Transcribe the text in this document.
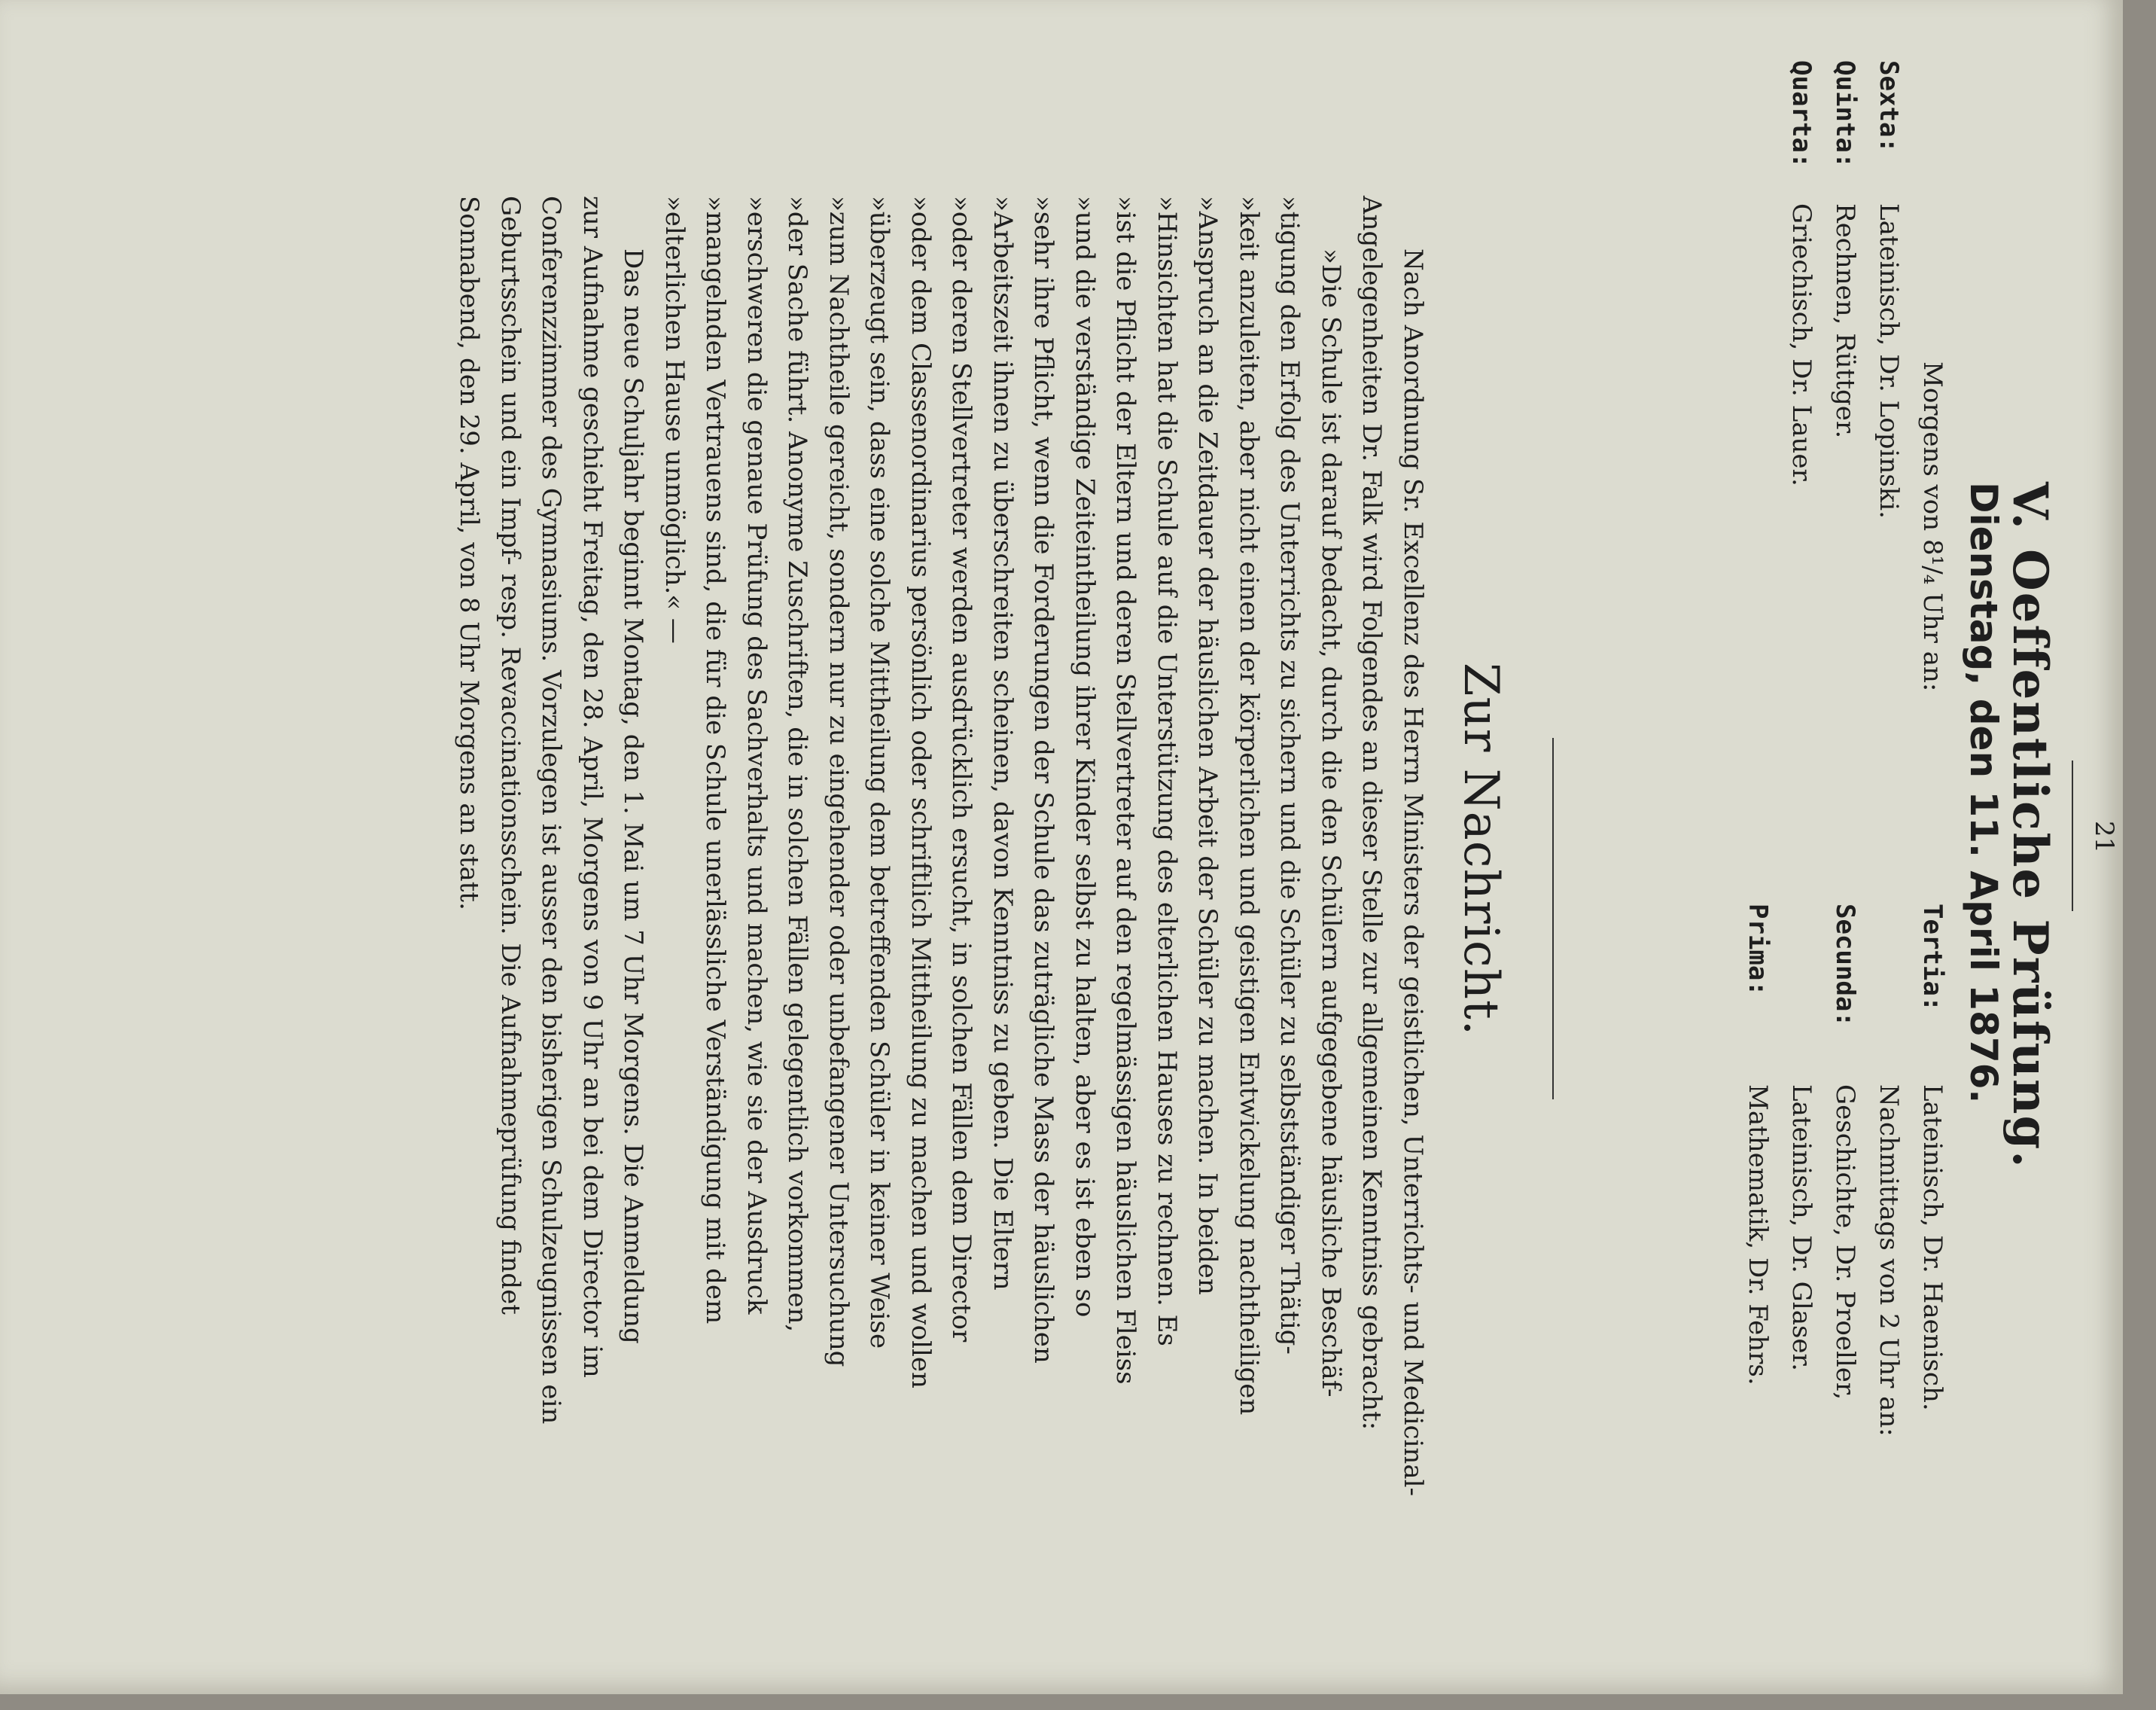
21
V. Oeffentliche Prüfung.
Dienstag, den 11. April 1876.
Morgens von 8¹/₄ Uhr an:
Sexta:
Lateinisch, Dr. Lopinski.
Quinta:
Rechnen, Rüttger.
Quarta:
Griechisch, Dr. Lauer.
Tertia:
Lateinisch, Dr. Haenisch.
Nachmittags von 2 Uhr an:
Secunda:
Geschichte, Dr. Proeller,
Lateinisch, Dr. Glaser.
Prima:
Mathematik, Dr. Fehrs.
Zur Nachricht.
Nach Anordnung Sr. Excellenz des Herrn Ministers der geistlichen, Unterrichts- und Medicinal-
Angelegenheiten Dr. Falk wird Folgendes an dieser Stelle zur allgemeinen Kenntniss gebracht:
»Die Schule ist darauf bedacht, durch die den Schülern aufgegebene häusliche Beschäf-
»tigung den Erfolg des Unterrichts zu sichern und die Schüler zu selbstständiger Thätig-
»keit anzuleiten, aber nicht einen der körperlichen und geistigen Entwickelung nachtheiligen
»Anspruch an die Zeitdauer der häuslichen Arbeit der Schüler zu machen. In beiden
»Hinsichten hat die Schule auf die Unterstützung des elterlichen Hauses zu rechnen. Es
»ist die Pflicht der Eltern und deren Stellvertreter auf den regelmässigen häuslichen Fleiss
»und die verständige Zeiteintheilung ihrer Kinder selbst zu halten, aber es ist eben so
»sehr ihre Pflicht, wenn die Forderungen der Schule das zuträgliche Mass der häuslichen
»Arbeitszeit ihnen zu überschreiten scheinen, davon Kenntniss zu geben. Die Eltern
»oder deren Stellvertreter werden ausdrücklich ersucht, in solchen Fällen dem Director
»oder dem Classenordinarius persönlich oder schriftlich Mittheilung zu machen und wollen
»überzeugt sein, dass eine solche Mittheilung dem betreffenden Schüler in keiner Weise
»zum Nachtheile gereicht, sondern nur zu eingehender oder unbefangener Untersuchung
»der Sache führt. Anonyme Zuschriften, die in solchen Fällen gelegentlich vorkommen,
»erschweren die genaue Prüfung des Sachverhalts und machen, wie sie der Ausdruck
»mangelnden Vertrauens sind, die für die Schule unerlässliche Verständigung mit dem
»elterlichen Hause unmöglich.« —
Das neue Schuljahr beginnt Montag, den 1. Mai um 7 Uhr Morgens. Die Anmeldung
zur Aufnahme geschieht Freitag, den 28. April, Morgens von 9 Uhr an bei dem Director im
Conferenzzimmer des Gymnasiums. Vorzulegen ist ausser den bisherigen Schulzeugnissen ein
Geburtsschein und ein Impf- resp. Revaccinationsschein. Die Aufnahmeprüfung findet
Sonnabend, den 29. April, von 8 Uhr Morgens an statt.
